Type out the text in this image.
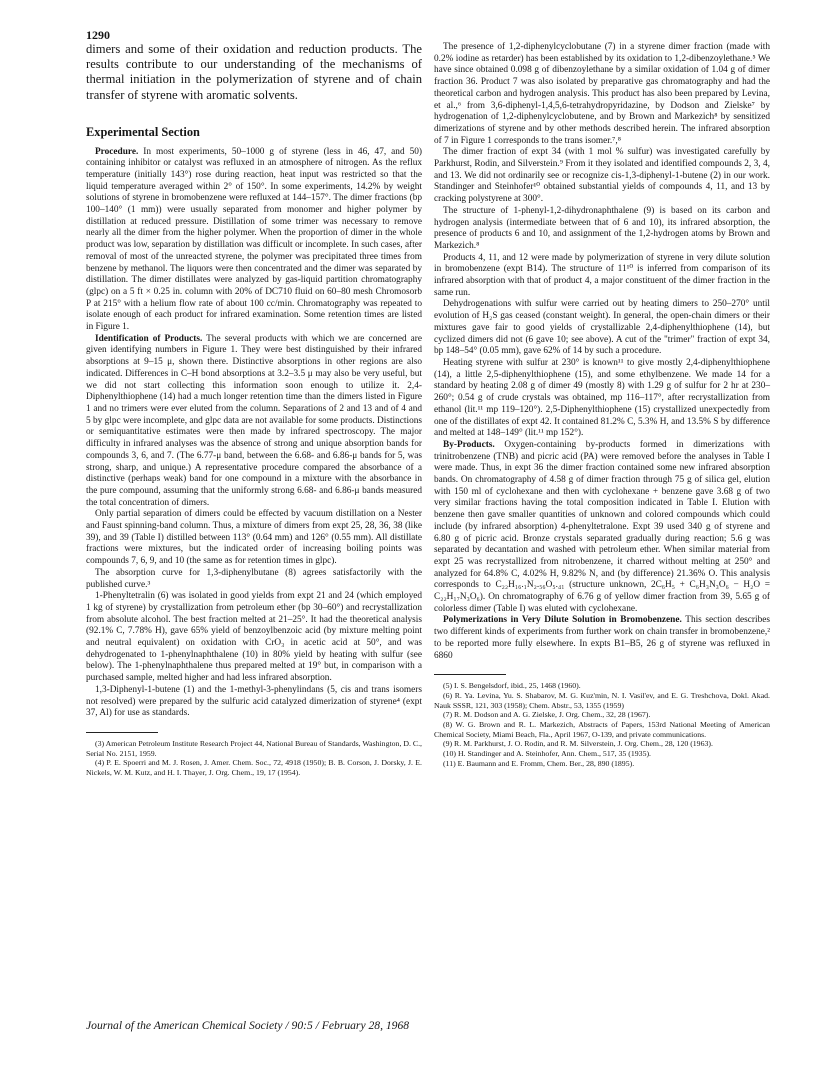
1290

dimers and some of their oxidation and reduction products. The results contribute to our understanding of the mechanisms of thermal initiation in the polymerization of styrene and of chain transfer of styrene with aromatic solvents.

Experimental Section

Procedure. In most experiments, 50–1000 g of styrene (less in 46, 47, and 50) containing inhibitor or catalyst was refluxed in an atmosphere of nitrogen. As the reflux temperature (initially 143°) rose during reaction, heat input was restricted so that the liquid temperature averaged within 2° of 150°. In some experiments, 14.2% by weight solutions of styrene in bromobenzene were refluxed at 144–157°. The dimer fractions (bp 100–140° (1 mm)) were usually separated from monomer and higher polymer by distillation at reduced pressure. Distillation of some trimer was necessary to remove nearly all the dimer from the higher polymer. When the proportion of dimer in the whole product was low, separation by distillation was difficult or incomplete. In such cases, after removal of most of the unreacted styrene, the polymer was precipitated three times from benzene by methanol. The liquors were then concentrated and the dimer was separated by distillation. The dimer distillates were analyzed by gas-liquid partition chromatography (glpc) on a 5 ft × 0.25 in. column with 20% of DC710 fluid on 60–80 mesh Chromosorb P at 215° with a helium flow rate of about 100 cc/min. Chromatography was repeated to isolate enough of each product for infrared examination. Some retention times are listed in Figure 1.

Identification of Products. The several products with which we are concerned are given identifying numbers in Figure 1. They were best distinguished by their infrared absorptions at 9–15 μ, shown there. Distinctive absorptions in other regions are also indicated. Differences in C–H bond absorptions at 3.2–3.5 μ may also be very useful, but we did not start collecting this information soon enough to utilize it. 2,4-Diphenylthiophene (14) had a much longer retention time than the dimers listed in Figure 1 and no trimers were ever eluted from the column. Separations of 2 and 13 and of 4 and 5 by glpc were incomplete, and glpc data are not available for some products. Distinctions or semiquantitative estimates were then made by infrared spectroscopy. The major difficulty in infrared analyses was the absence of strong and unique absorption bands for compounds 3, 6, and 7. (The 6.77-μ band, between the 6.68- and 6.86-μ bands for 5, was strong, sharp, and unique.) A representative procedure compared the absorbance of a distinctive (perhaps weak) band for one compound in a mixture with the absorbance in the pure compound, assuming that the uniformly strong 6.68- and 6.86-μ bands measured the total concentration of dimers.

Only partial separation of dimers could be effected by vacuum distillation on a Nester and Faust spinning-band column. Thus, a mixture of dimers from expt 25, 28, 36, 38 (like 39), and 39 (Table I) distilled between 113° (0.64 mm) and 126° (0.55 mm). All distillate fractions were mixtures, but the indicated order of increasing boiling points was compounds 7, 6, 9, and 10 (the same as for retention times in glpc).

The absorption curve for 1,3-diphenylbutane (8) agrees satisfactorily with the published curve.³

1-Phenyltetralin (6) was isolated in good yields from expt 21 and 24 (which employed 1 kg of styrene) by crystallization from petroleum ether (bp 30–60°) and recrystallization from absolute alcohol. The best fraction melted at 21–25°. It had the theoretical analysis (92.1% C, 7.78% H), gave 65% yield of benzoylbenzoic acid (by mixture melting point and neutral equivalent) on oxidation with CrO₃ in acetic acid at 50°, and was dehydrogenated to 1-phenylnaphthalene (10) in 80% yield by heating with sulfur (see below). The 1-phenylnaphthalene thus prepared melted at 19° but, in comparison with a purchased sample, melted higher and had less infrared absorption.

1,3-Diphenyl-1-butene (1) and the 1-methyl-3-phenylindans (5, cis and trans isomers not resolved) were prepared by the sulfuric acid catalyzed dimerization of styrene⁴ (expt 37, Al) for use as standards.

(3) American Petroleum Institute Research Project 44, National Bureau of Standards, Washington, D. C., Serial No. 2151, 1959.

(4) P. E. Spoerri and M. J. Rosen, J. Amer. Chem. Soc., 72, 4918 (1950); B. B. Corson, J. Dorsky, J. E. Nickels, W. M. Kutz, and H. I. Thayer, J. Org. Chem., 19, 17 (1954).

The presence of 1,2-diphenylcyclobutane (7) in a styrene dimer fraction (made with 0.2% iodine as retarder) has been established by its oxidation to 1,2-dibenzoylethane.⁵ We have since obtained 0.098 g of dibenzoylethane by a similar oxidation of 1.04 g of dimer fraction 36. Product 7 was also isolated by preparative gas chromatography and had the theoretical carbon and hydrogen analysis. This product has also been prepared by Levina, et al.,⁶ from 3,6-diphenyl-1,4,5,6-tetrahydropyridazine, by Dodson and Zielske⁷ by hydrogenation of 1,2-diphenylcyclobutene, and by Brown and Markezich⁸ by sensitized dimerizations of styrene and by other methods described herein. The infrared absorption of 7 in Figure 1 corresponds to the trans isomer.⁷,⁸

The dimer fraction of expt 34 (with 1 mol % sulfur) was investigated carefully by Parkhurst, Rodin, and Silverstein.⁹ From it they isolated and identified compounds 2, 3, 4, and 13. We did not ordinarily see or recognize cis-1,3-diphenyl-1-butene (2) in our work. Standinger and Steinhofer¹⁰ obtained substantial yields of compounds 4, 11, and 13 by cracking polystyrene at 300°.

The structure of 1-phenyl-1,2-dihydronaphthalene (9) is based on its carbon and hydrogen analysis (intermediate between that of 6 and 10), its infrared absorption, the presence of products 6 and 10, and assignment of the 1,2-hydrogen atoms by Brown and Markezich.⁸

Products 4, 11, and 12 were made by polymerization of styrene in very dilute solution in bromobenzene (expt B14). The structure of 11¹⁰ is inferred from comparison of its infrared absorption with that of product 4, a major constituent of the dimer fraction in the same run.

Dehydrogenations with sulfur were carried out by heating dimers to 250–270° until evolution of H₂S gas ceased (constant weight). In general, the open-chain dimers or their mixtures gave fair to good yields of crystallizable 2,4-diphenylthiophene (14), but cyclized dimers did not (6 gave 10; see above). A cut of the "trimer" fraction of expt 34, bp 148–54° (0.05 mm), gave 62% of 14 by such a procedure.

Heating styrene with sulfur at 230° is known¹¹ to give mostly 2,4-diphenylthiophene (14), a little 2,5-diphenylthiophene (15), and some ethylbenzene. We made 14 for a standard by heating 2.08 g of dimer 49 (mostly 8) with 1.29 g of sulfur for 2 hr at 230–260°; 0.54 g of crude crystals was obtained, mp 116–117°, after recrystallization from ethanol (lit.¹¹ mp 119–120°). 2,5-Diphenylthiophene (15) crystallized unexpectedly from one of the distillates of expt 42. It contained 81.2% C, 5.3% H, and 13.5% S by difference and melted at 148–149° (lit.¹¹ mp 152°).

By-Products. Oxygen-containing by-products formed in dimerizations with trinitrobenzene (TNB) and picric acid (PA) were removed before the analyses in Table I were made. Thus, in expt 36 the dimer fraction contained some new infrared absorption bands. On chromatography of 4.58 g of dimer fraction through 75 g of silica gel, elution with 150 ml of cyclohexane and then with cyclohexane + benzene gave 3.68 g of two very similar fractions having the total composition indicated in Table I. Elution with benzene then gave smaller quantities of unknown and colored compounds which could include (by infrared absorption) 4-phenyltetralone. Expt 39 used 340 g of styrene and 6.80 g of picric acid. Bronze crystals separated gradually during reaction; 5.6 g was separated by decantation and washed with petroleum ether. When similar material from expt 25 was recrystallized from nitrobenzene, it charred without melting at 250° and analyzed for 64.8% C, 4.02% H, 9.82% N, and (by difference) 21.36% O. This analysis corresponds to C₂₂H₁₆.₁N₂.₅₆O₅.₄₁ (structure unknown, 2C₆H₅ + C₆H₃N₃O₆ − H₂O = C₂₂H₁₇N₃O₆). On chromatography of 6.76 g of yellow dimer fraction from 39, 5.65 g of colorless dimer (Table I) was eluted with cyclohexane.

Polymerizations in Very Dilute Solution in Bromobenzene. This section describes two different kinds of experiments from further work on chain transfer in bromobenzene,² to be reported more fully elsewhere. In expts B1–B5, 26 g of styrene was refluxed in 6860

(5) I. S. Bengelsdorf, ibid., 25, 1468 (1960).

(6) R. Ya. Levina, Yu. S. Shabarov, M. G. Kuz'min, N. I. Vasil'ev, and E. G. Treshchova, Dokl. Akad. Nauk SSSR, 121, 303 (1958); Chem. Abstr., 53, 1355 (1959)

(7) R. M. Dodson and A. G. Zielske, J. Org. Chem., 32, 28 (1967).

(8) W. G. Brown and R. L. Markezich, Abstracts of Papers, 153rd National Meeting of American Chemical Society, Miami Beach, Fla., April 1967, O-139, and private communications.

(9) R. M. Parkhurst, J. O. Rodin, and R. M. Silverstein, J. Org. Chem., 28, 120 (1963).

(10) H. Standinger and A. Steinhofer, Ann. Chem., 517, 35 (1935).

(11) E. Baumann and E. Fromm, Chem. Ber., 28, 890 (1895).

Journal of the American Chemical Society / 90:5 / February 28, 1968
